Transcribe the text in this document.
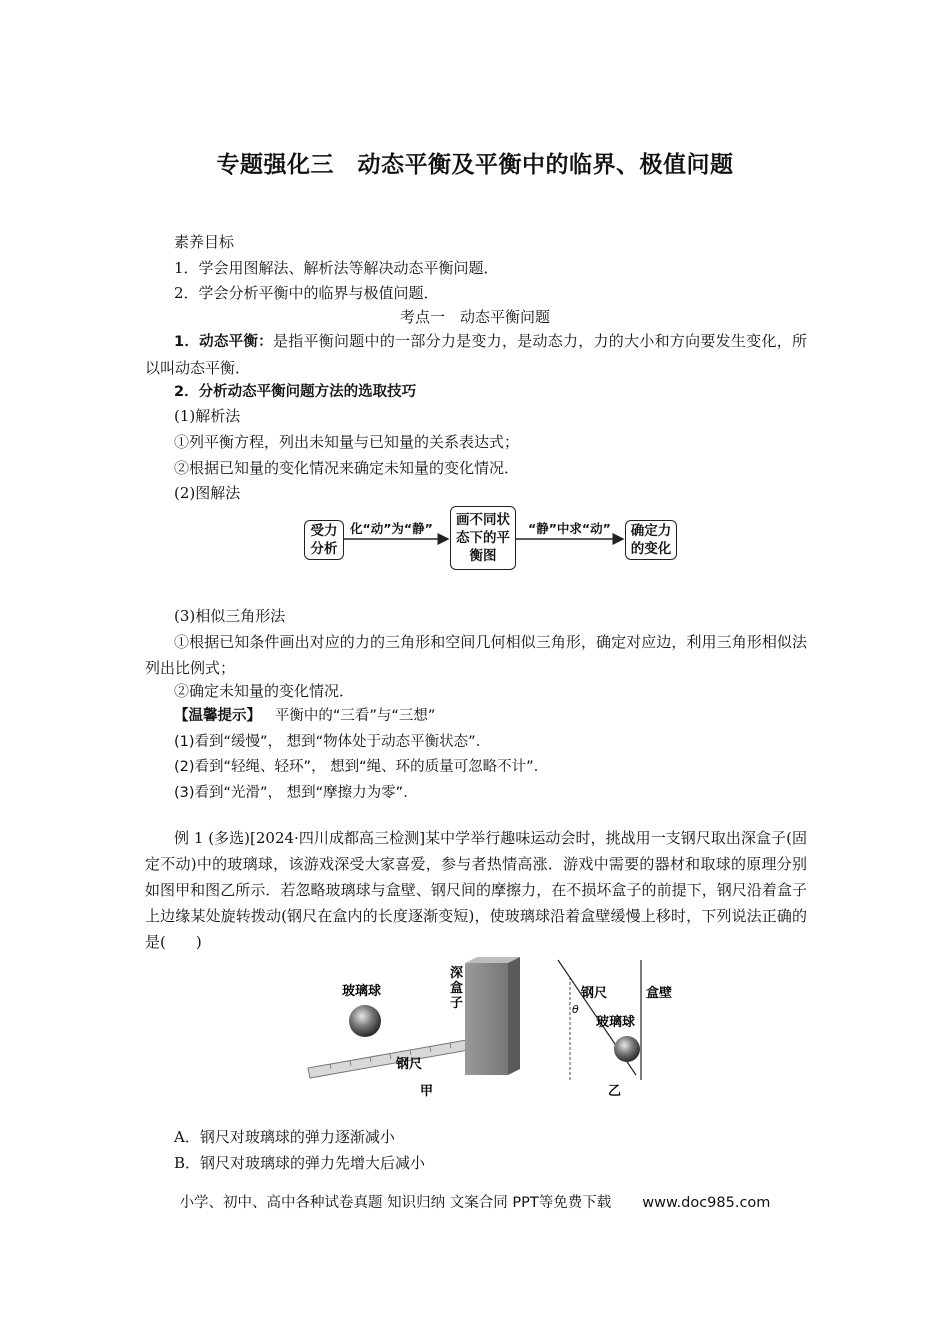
专题强化三　动态平衡及平衡中的临界、极值问题
素养目标
1．学会用图解法、解析法等解决动态平衡问题．
2．学会分析平衡中的临界与极值问题．
考点一　动态平衡问题
1．动态平衡：是指平衡问题中的一部分力是变力，是动态力，力的大小和方向要发生变化，所以叫动态平衡．
2．分析动态平衡问题方法的选取技巧
(1)解析法
①列平衡方程，列出未知量与已知量的关系表达式；
②根据已知量的变化情况来确定未知量的变化情况．
(2)图解法
受力分析
化“动”为“静”
画不同状态下的平衡图
“静”中求“动”	确定力的变化
(3)相似三角形法
①根据已知条件画出对应的力的三角形和空间几何相似三角形，确定对应边，利用三角形相似法列出比例式；
②确定未知量的变化情况．
【温馨提示】 平衡中的“三看”与“三想”
(1)看到“缓慢”， 想到“物体处于动态平衡状态”．
(2)看到“轻绳、轻环”， 想到“绳、环的质量可忽略不计”．
(3)看到“光滑”， 想到“摩擦力为零”．
例 1 (多选)[2024·四川成都高三检测]某中学举行趣味运动会时，挑战用一支钢尺取出深盒子(固定不动)中的玻璃球，该游戏深受大家喜爱，参与者热情高涨．游戏中需要的器材和取球的原理分别如图甲和图乙所示．若忽略玻璃球与盒壁、钢尺间的摩擦力，在不损坏盒子的前提下，钢尺沿着盒子上边缘某处旋转拨动(钢尺在盒内的长度逐渐变短)，使玻璃球沿着盒壁缓慢上移时，下列说法正确的是(　　)
玻璃球
钢尺
深
盒
子
甲
钢尺	盒壁
θ
玻璃球
乙
A．钢尺对玻璃球的弹力逐渐减小
B．钢尺对玻璃球的弹力先增大后减小
小学、初中、高中各种试卷真题 知识归纳 文案合同 PPT等免费下载 www.doc985.com
